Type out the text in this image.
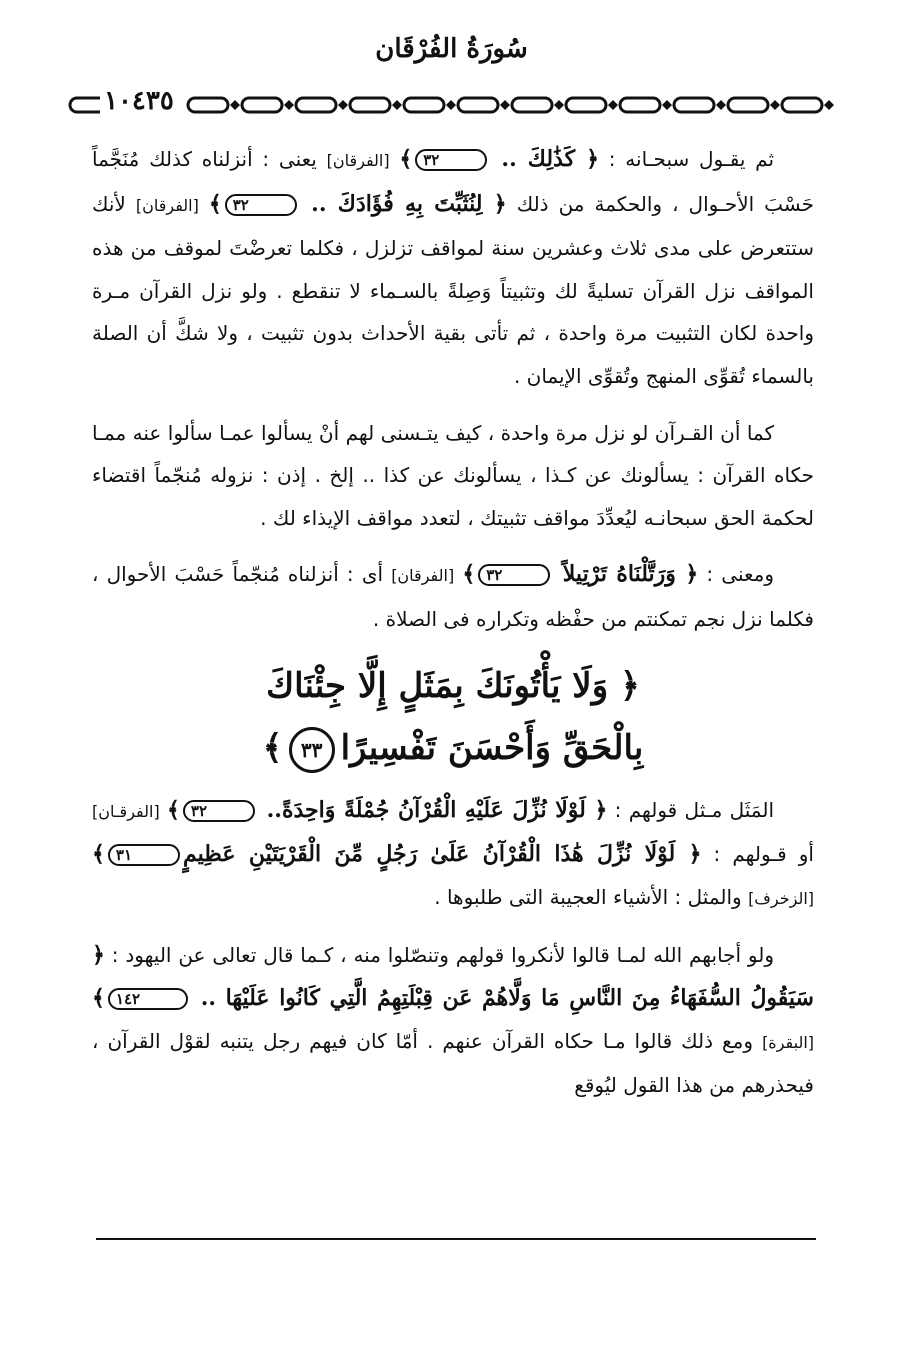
سُورَةُ الفُرْقَان
١٠٤٣٥

ثم يقـول سبحـانه : ﴿ كَذَٰلِكَ .. ٣٢﴾ [الفرقان] يعنى : أنزلناه كذلك مُنَجَّماً حَسْبَ الأحـوال ، والحكمة من ذلك ﴿ لِنُثَبِّتَ بِهِ فُؤَادَكَ .. ٣٢﴾ [الفرقان] لأنك ستتعرض على مدى ثلاث وعشرين سنة لمواقف تزلزل ، فكلما تعرضْتَ لموقف من هذه المواقف نزل القرآن تسليةً لك وتثبيتاً وَصِلةً بالسـماء لا تنقطع . ولو نزل القرآن مـرة واحدة لكان التثبيت مرة واحدة ، ثم تأتى بقية الأحداث بدون تثبيت ، ولا شكَّ أن الصلة بالسماء تُقوِّى المنهج وتُقوِّى الإيمان .

كما أن القـرآن لو نزل مرة واحدة ، كيف يتـسنى لهم أنْ يسألوا عمـا سألوا عنه ممـا حكاه القرآن : يسألونك عن كـذا ، يسألونك عن كذا .. إلخ . إذن : نزوله مُنجّماً اقتضاء لحكمة الحق سبحانـه ليُعدِّدَ مواقف تثبيتك ، لتعدد مواقف الإيذاء لك .

ومعنى : ﴿ وَرَتَّلْنَاهُ تَرْتِيلاً ٣٢﴾ [الفرقان] أى : أنزلناه مُنجّماً حَسْبَ الأحوال ، فكلما نزل نجم تمكنتم من حفْظه وتكراره فى الصلاة .

﴿ وَلَا يَأْتُونَكَ بِمَثَلٍ إِلَّا جِئْنَاكَ
بِالْحَقِّ وَأَحْسَنَ تَفْسِيرًا٣٣﴾

المَثَل مـثل قولهم : ﴿ لَوْلَا نُزِّلَ عَلَيْهِ الْقُرْآنُ جُمْلَةً وَاحِدَةً.. ٣٢﴾ [الفرقـان] أو قـولهم : ﴿ لَوْلَا نُزِّلَ هَٰذَا الْقُرْآنُ عَلَىٰ رَجُلٍ مِّنَ الْقَرْيَتَيْنِ عَظِيمٍ٣١﴾ [الزخرف] والمثل : الأشياء العجيبة التى طلبوها .

ولو أجابهم الله لمـا قالوا لأنكروا قولهم وتنصّلوا منه ، كـما قال تعالى عن اليهود : ﴿ سَيَقُولُ السُّفَهَاءُ مِنَ النَّاسِ مَا وَلَّاهُمْ عَن قِبْلَتِهِمُ الَّتِي كَانُوا عَلَيْهَا .. ١٤٢﴾ [البقرة] ومع ذلك قالوا مـا حكاه القرآن عنهم . أمّا كان فيهم رجل يتنبه لقوْل القرآن ، فيحذرهم من هذا القول ليُوقع
